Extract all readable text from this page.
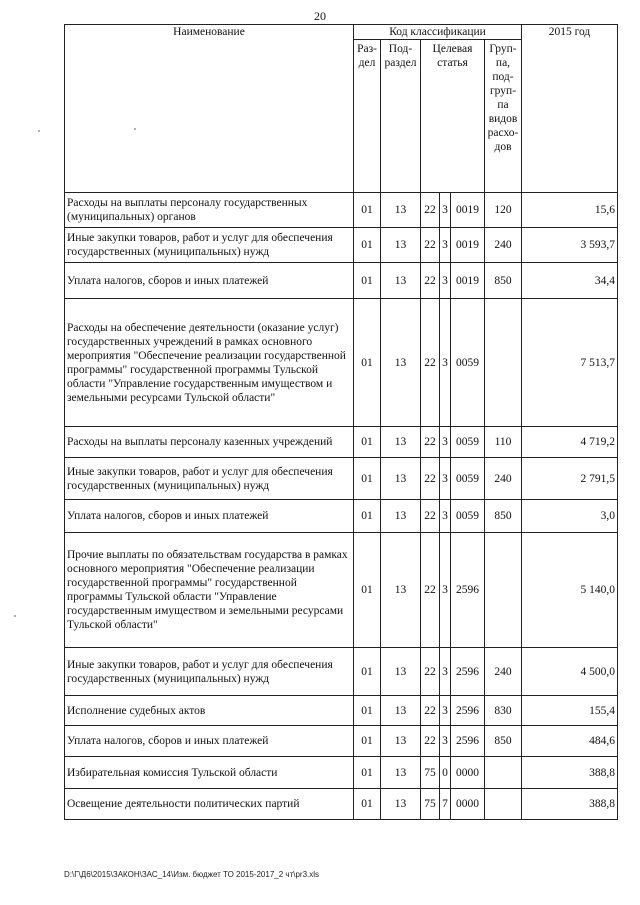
20
Наименование	Код классификации						2015 год
	Раз-дел	Под-раздел	Целевая статья			Груп-па, под-груп-па видов расхо-дов	
Расходы на выплаты персоналу государственных (муниципальных) органов	01	13	22	3	0019	120	15,6
Иные закупки товаров, работ и услуг для обеспечения государственных (муниципальных) нужд	01	13	22	3	0019	240	3 593,7
Уплата налогов, сборов и иных платежей	01	13	22	3	0019	850	34,4
Расходы на обеспечение деятельности (оказание услуг) государственных учреждений в рамках основного мероприятия "Обеспечение реализации государственной программы" государственной программы Тульской области "Управление государственным имуществом и земельными ресурсами Тульской области"	01	13	22	3	0059		7 513,7
Расходы на выплаты персоналу казенных учреждений	01	13	22	3	0059	110	4 719,2
Иные закупки товаров, работ и услуг для обеспечения государственных (муниципальных) нужд	01	13	22	3	0059	240	2 791,5
Уплата налогов, сборов и иных платежей	01	13	22	3	0059	850	3,0
Прочие выплаты по обязательствам государства в рамках основного мероприятия "Обеспечение реализации государственной программы" государственной программы Тульской области "Управление государственным имуществом и земельными ресурсами Тульской области"	01	13	22	3	2596		5 140,0
Иные закупки товаров, работ и услуг для обеспечения государственных (муниципальных) нужд	01	13	22	3	2596	240	4 500,0
Исполнение судебных актов	01	13	22	3	2596	830	155,4
Уплата налогов, сборов и иных платежей	01	13	22	3	2596	850	484,6
Избирательная комиссия Тульской области	01	13	75	0	0000		388,8
Освещение деятельности политических партий	01	13	75	7	0000		388,8
D:\Г\Д6\2015\ЗАКОН\ЗАС_14\Изм. бюджет ТО 2015-2017_2 чт\pr3.xls
